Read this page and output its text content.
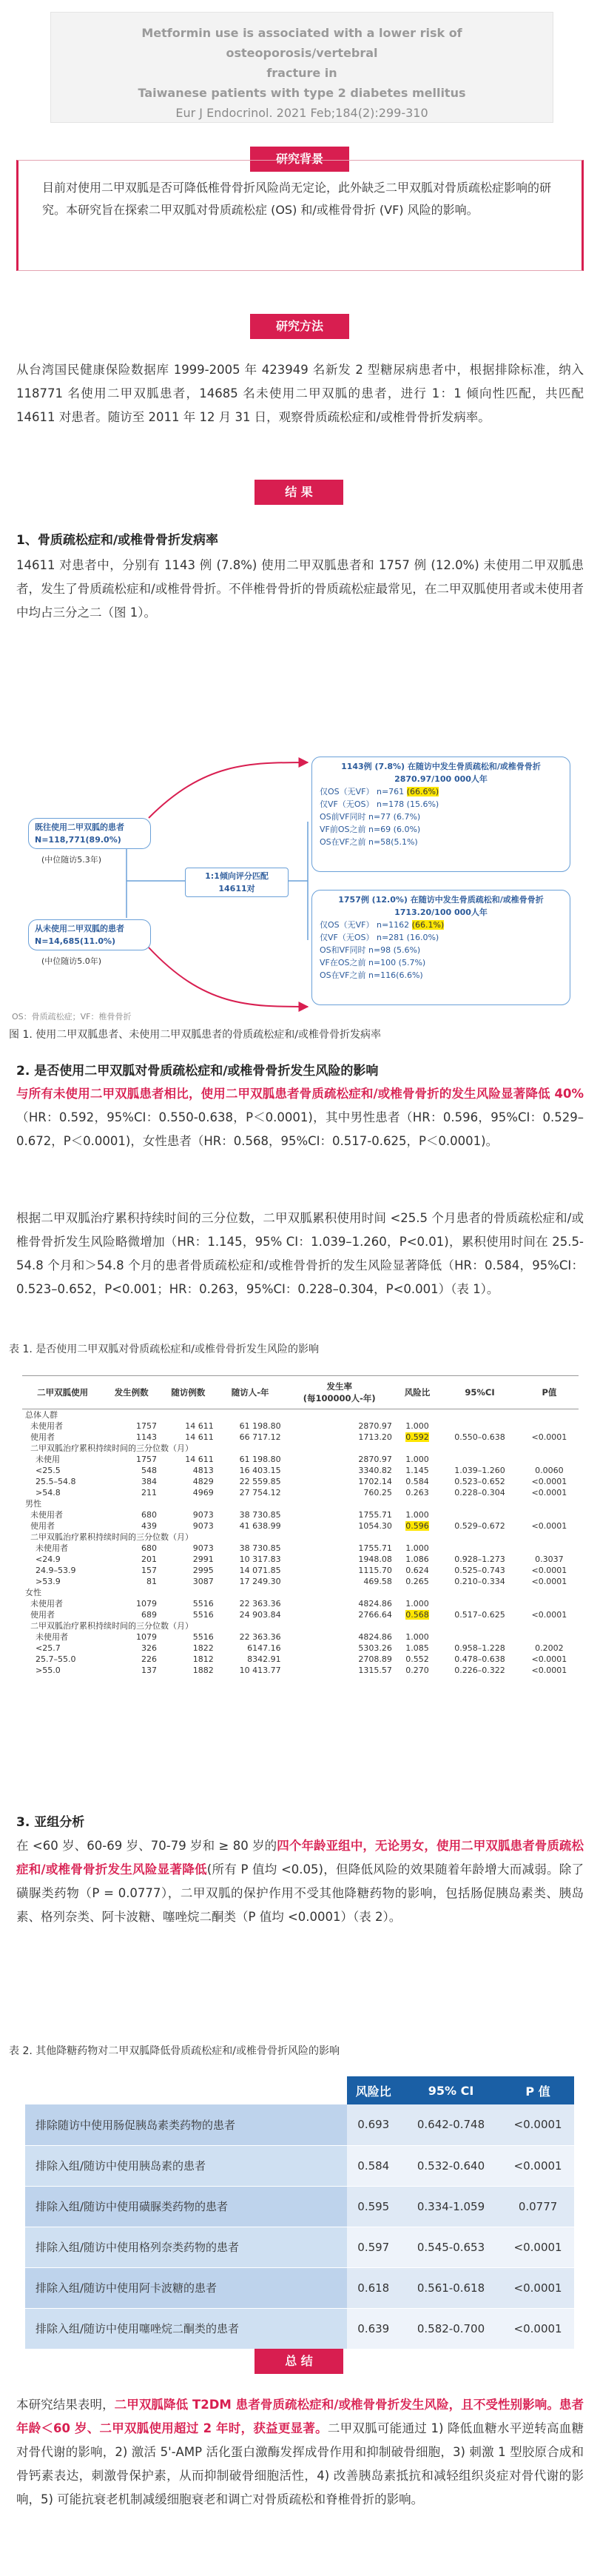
Metformin use is associated with a lower risk of osteoporosis/vertebral
fracture in
Taiwanese patients with type 2 diabetes mellitus
Eur J Endocrinol. 2021 Feb;184(2):299-310
研究背景
目前对使用二甲双胍是否可降低椎骨骨折风险尚无定论，此外缺乏二甲双胍对骨质疏松症影响的研究。本研究旨在探索二甲双胍对骨质疏松症 (OS) 和/或椎骨骨折 (VF) 风险的影响。
研究方法
从台湾国民健康保险数据库 1999-2005 年 423949 名新发 2 型糖尿病患者中，根据排除标准，纳入 118771 名使用二甲双胍患者，14685 名未使用二甲双胍的患者，进行 1：1 倾向性匹配，共匹配 14611 对患者。随访至 2011 年 12 月 31 日，观察骨质疏松症和/或椎骨骨折发病率。
结 果
1、骨质疏松症和/或椎骨骨折发病率
14611 对患者中，分别有 1143 例 (7.8%) 使用二甲双胍患者和 1757 例 (12.0%) 未使用二甲双胍患者，发生了骨质疏松症和/或椎骨骨折。不伴椎骨骨折的骨质疏松症最常见，在二甲双胍使用者或未使用者中均占三分之二（图 1）。
既往使用二甲双胍的患者
N=118,771(89.0%)
(中位随访5.3年)
从未使用二甲双胍的患者
N=14,685(11.0%)
(中位随访5.0年)
1:1倾向评分匹配
14611对
1143例 (7.8%) 在随访中发生骨质疏松和/或椎骨骨折
2870.97/100 000人年
仅OS（无VF） n=761 (66.6%)
仅VF（无OS） n=178 (15.6%)
OS前VF同时 n=77 (6.7%)
VF前OS之前 n=69 (6.0%)
OS在VF之前 n=58(5.1%)
1757例 (12.0%) 在随访中发生骨质疏松和/或椎骨骨折
1713.20/100 000人年
仅OS（无VF） n=1162 (66.1%)
仅VF（无OS） n=281 (16.0%)
OS和VF同时 n=98 (5.6%)
VF在OS之前 n=100 (5.7%)
OS在VF之前 n=116(6.6%)
OS：骨质疏松症；VF：椎骨骨折
图 1. 使用二甲双胍患者、未使用二甲双胍患者的骨质疏松症和/或椎骨骨折发病率
2. 是否使用二甲双胍对骨质疏松症和/或椎骨骨折发生风险的影响
与所有未使用二甲双胍患者相比，使用二甲双胍患者骨质疏松症和/或椎骨骨折的发生风险显著降低 40%（HR：0.592，95%CI：0.550-0.638，P＜0.0001)，其中男性患者（HR：0.596，95%CI：0.529–0.672，P＜0.0001)，女性患者（HR：0.568，95%CI：0.517-0.625，P＜0.0001)。
根据二甲双胍治疗累积持续时间的三分位数，二甲双胍累积使用时间 <25.5 个月患者的骨质疏松症和/或椎骨骨折发生风险略微增加（HR：1.145，95% CI：1.039–1.260，P<0.01)，累积使用时间在 25.5-54.8 个月和＞54.8 个月的患者骨质疏松症和/或椎骨骨折的发生风险显著降低（HR：0.584，95%CI：0.523–0.652，P<0.001；HR：0.263，95%CI：0.228–0.304，P<0.001）（表 1）。
表 1. 是否使用二甲双胍对骨质疏松症和/或椎骨骨折发生风险的影响
二甲双胍使用	发生例数	随访例数	随访人-年	发生率
(每100000人-年)	风险比	95%CI	P值
总体人群							
未使用者	1757	14 611	61 198.80	2870.97	1.000		
使用者	1143	14 611	66 717.12	1713.20	0.592	0.550–0.638	<0.0001
二甲双胍治疗累积持续时间的三分位数（月）							
未使用	1757	14 611	61 198.80	2870.97	1.000		
<25.5	548	4813	16 403.15	3340.82	1.145	1.039–1.260	0.0060
25.5–54.8	384	4829	22 559.85	1702.14	0.584	0.523–0.652	<0.0001
>54.8	211	4969	27 754.12	760.25	0.263	0.228–0.304	<0.0001
男性							
未使用者	680	9073	38 730.85	1755.71	1.000		
使用者	439	9073	41 638.99	1054.30	0.596	0.529–0.672	<0.0001
二甲双胍治疗累积持续时间的三分位数（月）							
未使用者	680	9073	38 730.85	1755.71	1.000		
<24.9	201	2991	10 317.83	1948.08	1.086	0.928–1.273	0.3037
24.9–53.9	157	2995	14 071.85	1115.70	0.624	0.525–0.743	<0.0001
>53.9	81	3087	17 249.30	469.58	0.265	0.210–0.334	<0.0001
女性							
未使用者	1079	5516	22 363.36	4824.86	1.000		
使用者	689	5516	24 903.84	2766.64	0.568	0.517–0.625	<0.0001
二甲双胍治疗累积持续时间的三分位数（月）							
未使用者	1079	5516	22 363.36	4824.86	1.000		
<25.7	326	1822	6147.16	5303.26	1.085	0.958–1.228	0.2002
25.7–55.0	226	1812	8342.91	2708.89	0.552	0.478–0.638	<0.0001
>55.0	137	1882	10 413.77	1315.57	0.270	0.226–0.322	<0.0001
3. 亚组分析
在 <60 岁、60-69 岁、70-79 岁和 ≥ 80 岁的四个年龄亚组中，无论男女，使用二甲双胍患者骨质疏松症和/或椎骨骨折发生风险显著降低(所有 P 值均 <0.05)，但降低风险的效果随着年龄增大而减弱。除了磺脲类药物（P = 0.0777），二甲双胍的保护作用不受其他降糖药物的影响，包括肠促胰岛素类、胰岛素、格列奈类、阿卡波糖、噻唑烷二酮类（P 值均 <0.0001）（表 2）。
表 2. 其他降糖药物对二甲双胍降低骨质疏松症和/或椎骨骨折风险的影响
	风险比	95% CI	P 值
排除随访中使用肠促胰岛素类药物的患者	0.693	0.642-0.748	<0.0001
排除入组/随访中使用胰岛素的患者	0.584	0.532-0.640	<0.0001
排除入组/随访中使用磺脲类药物的患者	0.595	0.334-1.059	0.0777
排除入组/随访中使用格列奈类药物的患者	0.597	0.545-0.653	<0.0001
排除入组/随访中使用阿卡波糖的患者	0.618	0.561-0.618	<0.0001
排除入组/随访中使用噻唑烷二酮类的患者	0.639	0.582-0.700	<0.0001
总 结
本研究结果表明，二甲双胍降低 T2DM 患者骨质疏松症和/或椎骨骨折发生风险，且不受性别影响。患者年龄＜60 岁、二甲双胍使用超过 2 年时，获益更显著。二甲双胍可能通过 1) 降低血糖水平逆转高血糖对骨代谢的影响，2) 激活 5'-AMP 活化蛋白激酶发挥成骨作用和抑制破骨细胞，3) 刺激 1 型胶原合成和骨钙素表达，刺激骨保护素，从而抑制破骨细胞活性，4) 改善胰岛素抵抗和减轻组织炎症对骨代谢的影响，5) 可能抗衰老机制减缓细胞衰老和调亡对骨质疏松和脊椎骨折的影响。
